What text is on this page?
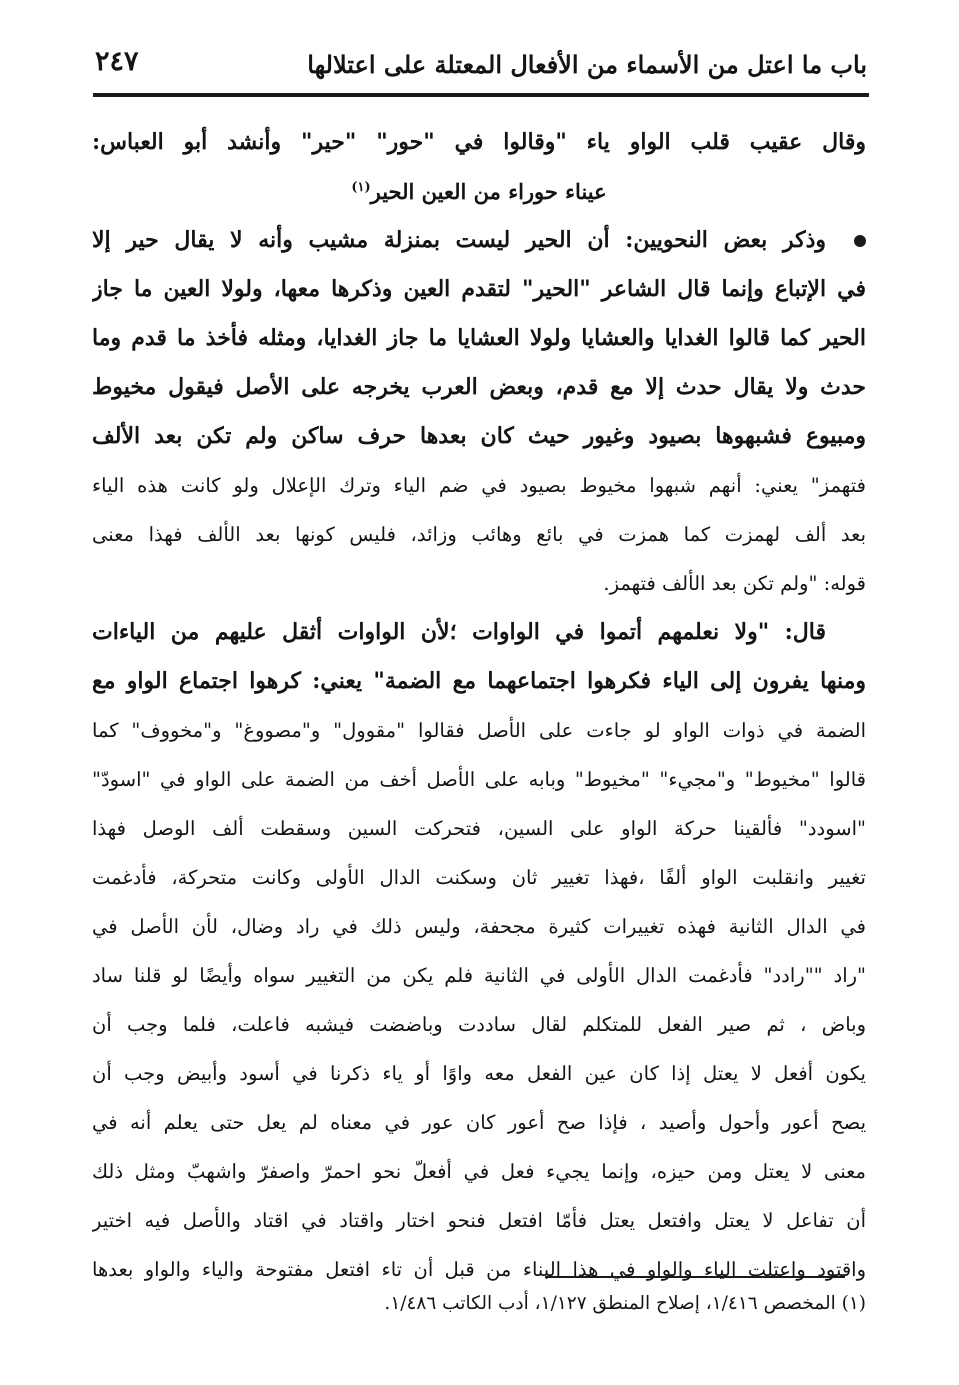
باب ما اعتل من الأسماء من الأفعال المعتلة على اعتلالها
٢٤٧
وقال عقيب قلب الواو ياء "وقالوا في "حور" "حير" وأنشد أبو العباس:
عيناء حوراء من العين الحير$^{(١)}$
وذكر بعض النحويين: أن الحير ليست بمنزلة مشيب وأنه لا يقال حير إلا
في الإتباع وإنما قال الشاعر "الحير" لتقدم العين وذكرها معها، ولولا العين ما جاز
الحير كما قالوا الغدايا والعشايا ولولا العشايا ما جاز الغدايا، ومثله فأخذ ما قدم وما
حدث ولا يقال حدث إلا مع قدم، وبعض العرب يخرجه على الأصل فيقول مخيوط
ومبيوع فشبهوها بصيود وغيور حيث كان بعدها حرف ساكن ولم تكن بعد الألف
فتهمز" يعني: أنهم شبهوا مخيوط بصيود في ضم الياء وترك الإعلال ولو كانت هذه الياء
بعد ألف لهمزت كما همزت في بائع وهائب وزائد، فليس كونها بعد الألف فهذا معنى
قوله: "ولم تكن بعد الألف فتهمز.
قال: "ولا نعلمهم أتموا في الواوات ؛لأن الواوات أثقل عليهم من الياءات
ومنها يفرون إلى الياء فكرهوا اجتماعهما مع الضمة" يعني: كرهوا اجتماع الواو مع
الضمة في ذوات الواو لو جاءت على الأصل فقالوا "مقوول" و"مصووغ" و"مخووف" كما
قالوا "مخيوط" و"مجيء" "مخيوط" وبابه على الأصل أخف من الضمة على الواو في "اسودّ"
"اسودد" فألقينا حركة الواو على السين، فتحركت السين وسقطت ألف الوصل فهذا
تغيير وانقلبت الواو ألفًا ،فهذا تغيير ثان وسكنت الدال الأولى وكانت متحركة، فأدغمت
في الدال الثانية فهذه تغييرات كثيرة مجحفة، وليس ذلك في راد وضال، لأن الأصل في
"راد ""رادد" فأدغمت الدال الأولى في الثانية فلم يكن من التغيير سواه وأيضًا لو قلنا ساد
وباض ، ثم صير الفعل للمتكلم لقال ساددت وباضضت فيشبه فاعلت، فلما وجب أن
يكون أفعل لا يعتل إذا كان عين الفعل معه واوًا أو ياء ذكرنا في أسود وأبيض وجب أن
يصح أعور وأحول وأصيد ، فإذا صح أعور كان عور في معناه لم يعل حتى يعلم أنه في
معنى لا يعتل ومن حيزه، وإنما يجيء فعل في أفعلّ نحو احمرّ واصفرّ واشهبّ ومثل ذلك
أن تفاعل لا يعتل وافتعل يعتل فأمّا افتعل فنحو اختار واقتاد في اقتاد والأصل فيه اختير
واقتود واعتلت الياء والواو في هذا البناء من قبل أن تاء افتعل مفتوحة والياء والواو بعدها
(١) المخصص ١/٤١٦، إصلاح المنطق ١/١٢٧، أدب الكاتب ١/٤٨٦.
